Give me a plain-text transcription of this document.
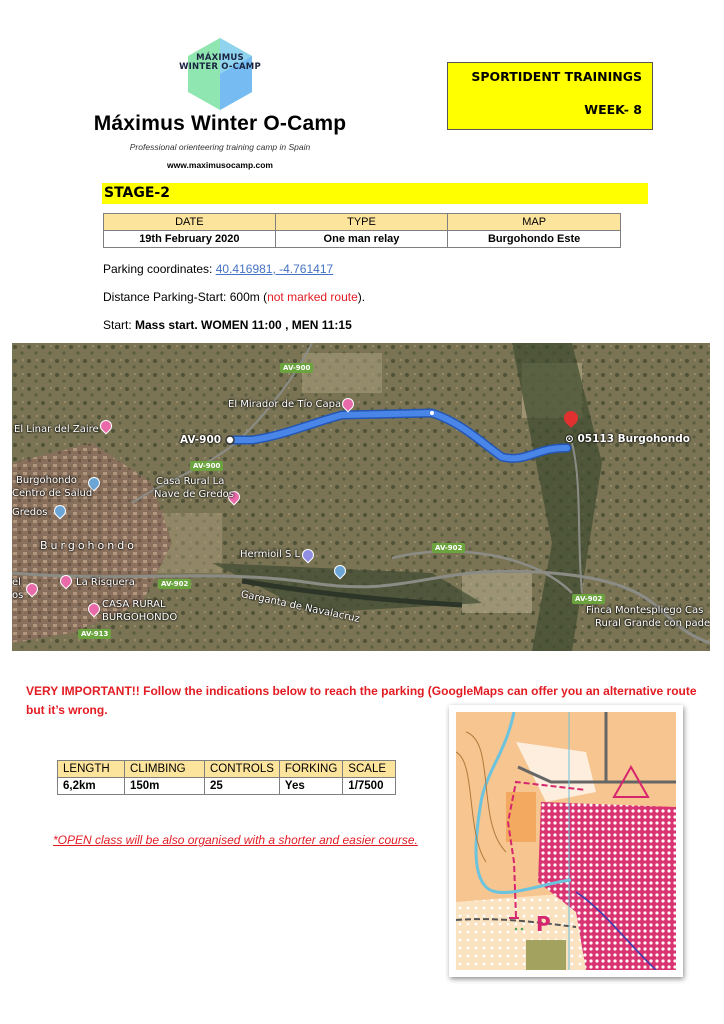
MÁXIMUS
WINTER O-CAMP
Máximus Winter O-Camp
Professional orienteering training camp in Spain
www.maximusocamp.com
SPORTIDENT TRAININGS
WEEK- 8
STAGE-2
DATE	TYPE	MAP
19th February 2020	One man relay	Burgohondo Este
Parking coordinates: 40.416981, -4.761417
Distance Parking-Start: 600m (not marked route).
Start: Mass start. WOMEN 11:00 , MEN 11:15
AV-900
AV-900
AV-902
AV-902
AV-902
AV-913
El Mirador de Tío Capa
El Linar del Zaire
AV-900	⊙ 05113 Burgohondo
Burgohondo
Centro de Salud
Gredos
Burgohondo
Casa Rural La
Nave de Gredos
Hermioil S L
el
os
La Risquera
CASA RURAL
BURGOHONDO	Garganta de Navalacruz	Finca Montespliego Cas
Rural Grande con pade
VERY IMPORTANT!! Follow the indications below to reach the parking (GoogleMaps can offer you an alternative route but it’s wrong.
LENGTH	CLIMBING	CONTROLS	FORKING	SCALE
6,2km	150m	25	Yes	1/7500
*OPEN class will be also organised with a shorter and easier course.
P
